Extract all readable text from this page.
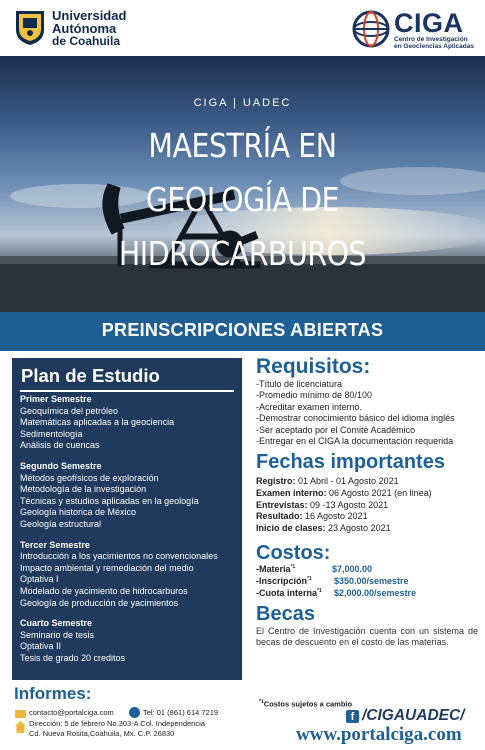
Universidad
Autónoma
de Coahuila
CIGA
Centro de Investigación
en Geociencias Aplicadas
CIGA | UADEC
MAESTRÍA EN
GEOLOGÍA DE
HIDROCARBUROS
PREINSCRIPCIONES ABIERTAS
Plan de Estudio
Primer Semestre
Geoquímica del petróleo
Matemáticas aplicadas a la geociencia
Sedimentología
Análisis de cuencas
Segundo Semestre
Métodos geofísicos de exploración
Metodología de la investigación
Técnicas y estudios aplicadas en la geología
Geología historica de México
Geología estructural
Tercer Semestre
Introducción a los yacimientos no convencionales
Impacto ambiental y remediación del medio
Optativa I
Modelado de yacimiento de hidrocarburos
Geología de producción de yacimientos
Cuarto Semestre
Seminario de tesis
Optativa II
Tesis de grado 20 creditos
Requisitos:
-Título de licenciatura
-Promedio mínimo de 80/100
-Acreditar examen interno.
-Demostrar conocimiento básico del idioma inglés
-Ser aceptado por el Comité Académico
-Entregar en el CIGA la documentación requerida
Fechas importantes
Registro: 01 Abril - 01 Agosto 2021
Examen interno: 06 Agosto 2021 (en linea)
Entrevistas: 09 -13 Agosto 2021
Resultado: 16 Agosto 2021
Inicio de clases: 23 Agosto 2021
Costos:
-Materia$^{*1}$	$7,000.00
-Inscripción$^{*1}$ $350.00/semestre
-Cuota interna$^{*1}$ $2,000.00/semestre
Becas
El Centro de Investigación cuenta con un sistema de becas de descuento en el costo de las materias.
Informes:
contacto@portalciga.com	Tel: 01 (861) 614 7219
Dirección: 5 de febrero No.303-A Col. Independencia
Cd. Nueva Rosita,Coahuila, Mx. C.P. 26830
$^{*1}$Costos sujetos a cambio
f /CIGAUADEC/
www.portalciga.com
